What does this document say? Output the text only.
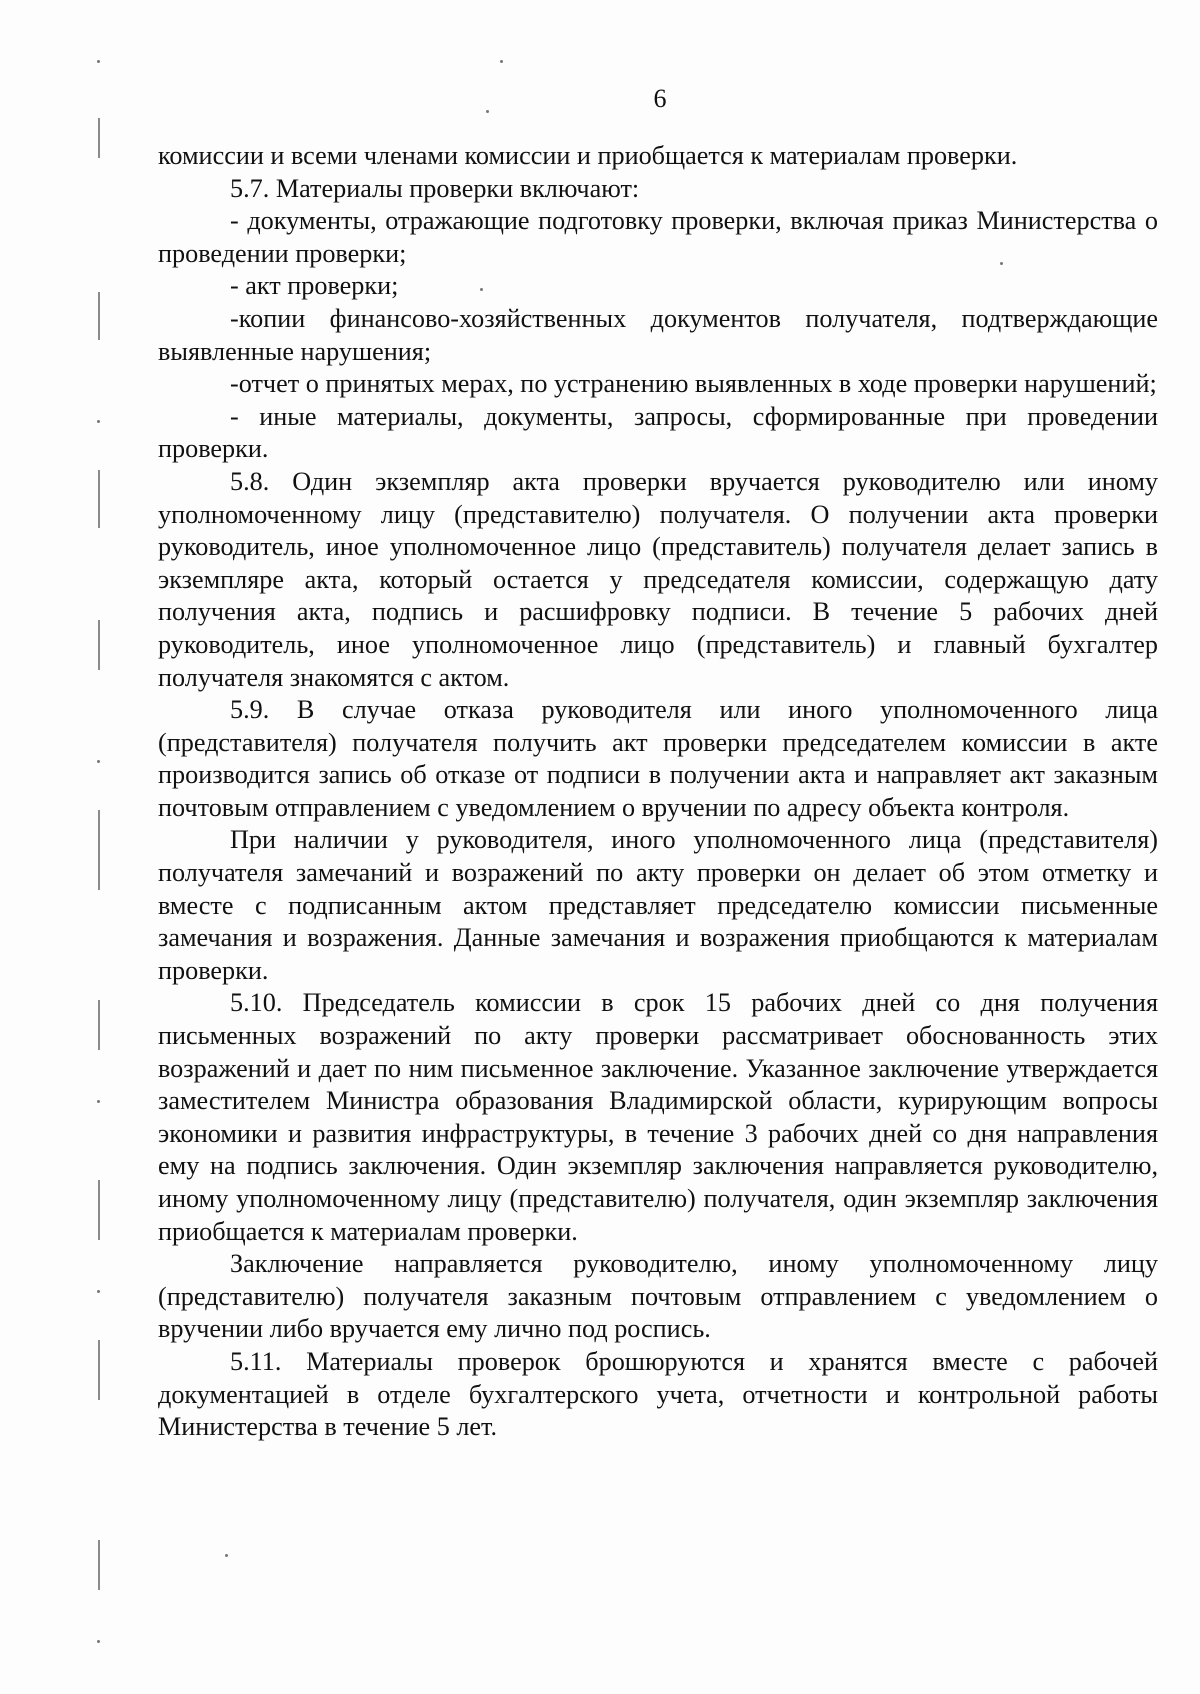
6

комиссии и всеми членами комиссии и приобщается к материалам проверки.

5.7. Материалы проверки включают:

- документы, отражающие подготовку проверки, включая приказ Министерства о проведении проверки;

- акт проверки;

-копии финансово-хозяйственных документов получателя, подтверждающие выявленные нарушения;

-отчет о принятых мерах, по устранению выявленных в ходе проверки нарушений;

- иные материалы, документы, запросы, сформированные при проведении проверки.

5.8. Один экземпляр акта проверки вручается руководителю или иному уполномоченному лицу (представителю) получателя. О получении акта проверки руководитель, иное уполномоченное лицо (представитель) получателя делает запись в экземпляре акта, который остается у председателя комиссии, содержащую дату получения акта, подпись и расшифровку подписи. В течение 5 рабочих дней руководитель, иное уполномоченное лицо (представитель) и главный бухгалтер получателя знакомятся с актом.

5.9. В случае отказа руководителя или иного уполномоченного лица (представителя) получателя получить акт проверки председателем комиссии в акте производится запись об отказе от подписи в получении акта и направляет акт заказным почтовым отправлением с уведомлением о вручении по адресу объекта контроля.

При наличии у руководителя, иного уполномоченного лица (представителя) получателя замечаний и возражений по акту проверки он делает об этом отметку и вместе с подписанным актом представляет председателю комиссии письменные замечания и возражения. Данные замечания и возражения приобщаются к материалам проверки.

5.10. Председатель комиссии в срок 15 рабочих дней со дня получения письменных возражений по акту проверки рассматривает обоснованность этих возражений и дает по ним письменное заключение. Указанное заключение утверждается заместителем Министра образования Владимирской области, курирующим вопросы экономики и развития инфраструктуры, в течение 3 рабочих дней со дня направления ему на подпись заключения. Один экземпляр заключения направляется руководителю, иному уполномоченному лицу (представителю) получателя, один экземпляр заключения приобщается к материалам проверки.

Заключение направляется руководителю, иному уполномоченному лицу (представителю) получателя заказным почтовым отправлением с уведомлением о вручении либо вручается ему лично под роспись.

5.11. Материалы проверок брошюруются и хранятся вместе с рабочей документацией в отделе бухгалтерского учета, отчетности и контрольной работы Министерства в течение 5 лет.
